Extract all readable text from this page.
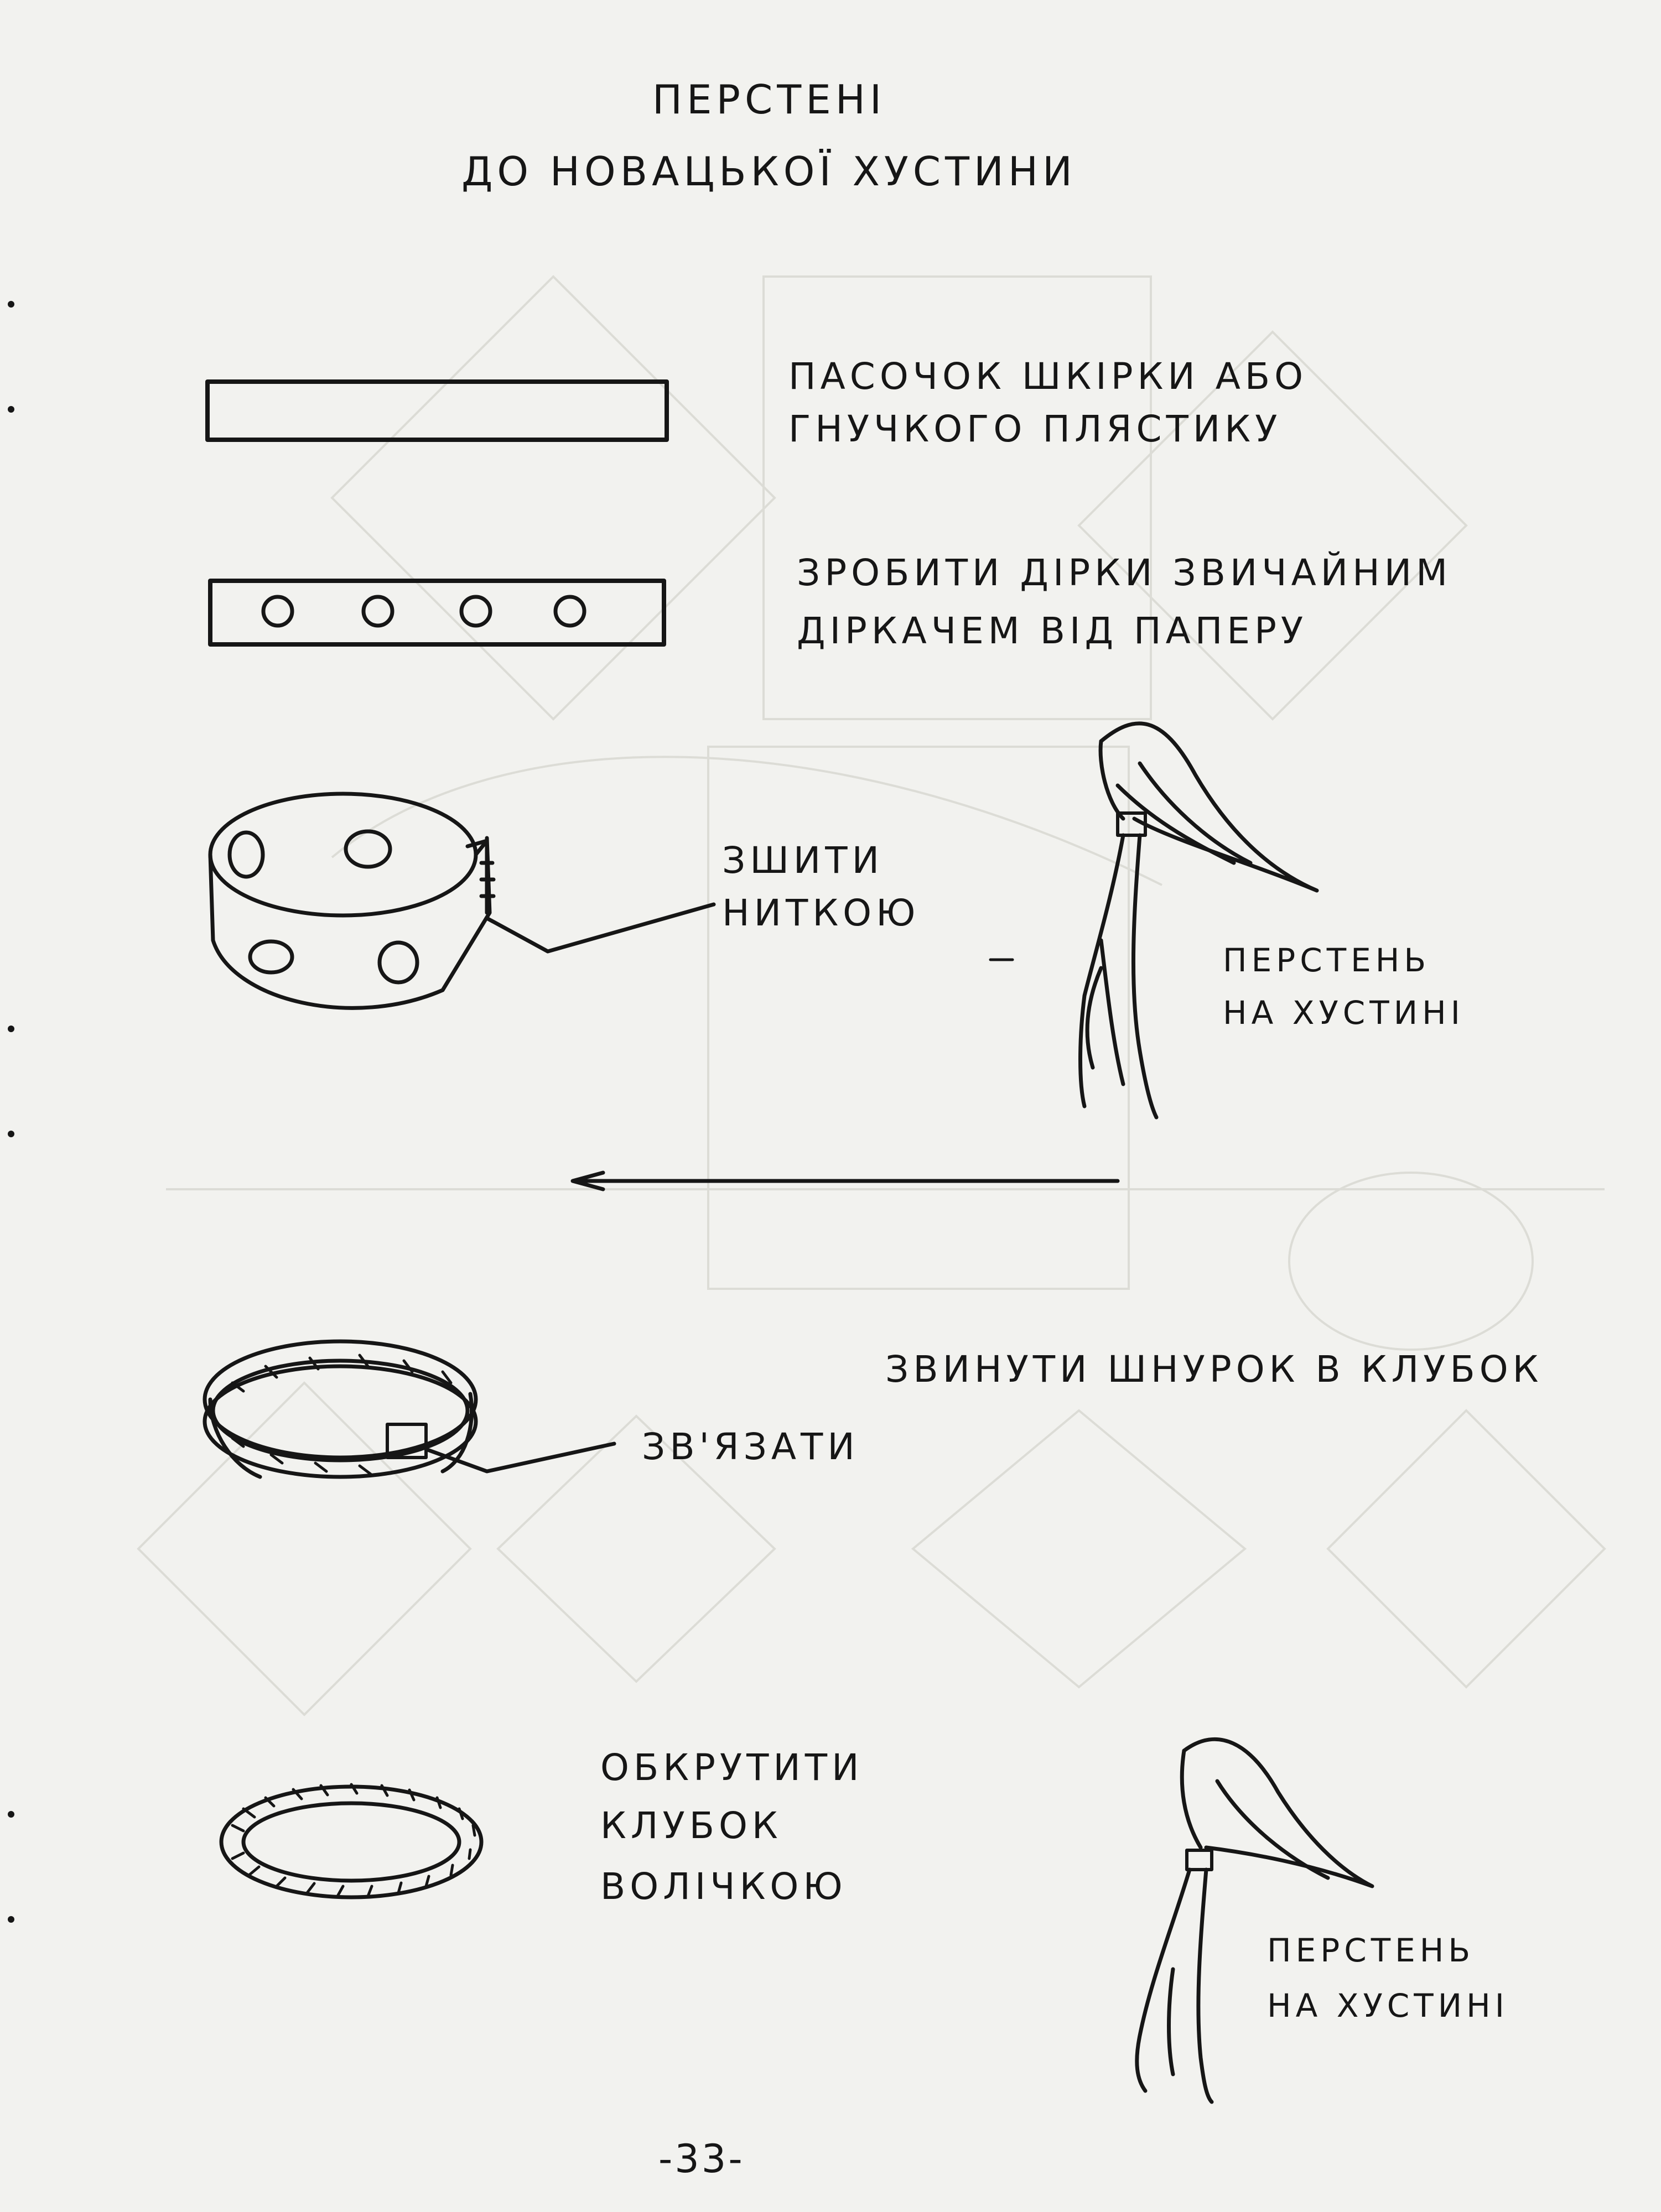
ПЕРСТЕНІ
ДО НОВАЦЬКОЇ ХУСТИНИ
ПАСОЧОК ШКІРКИ АБО
ГНУЧКОГО ПЛЯСТИКУ
ЗРОБИТИ ДІРКИ ЗВИЧАЙНИМ
ДІРКАЧЕМ ВІД ПАПЕРУ
ЗШИТИ
НИТКОЮ
ПЕРСТЕНЬ
НА ХУСТИНІ
ЗВИНУТИ ШНУРОК В КЛУБОК
ЗВ'ЯЗАТИ
ОБКРУТИТИ
КЛУБОК
ВОЛІЧКОЮ
ПЕРСТЕНЬ
НА ХУСТИНІ
-33-
